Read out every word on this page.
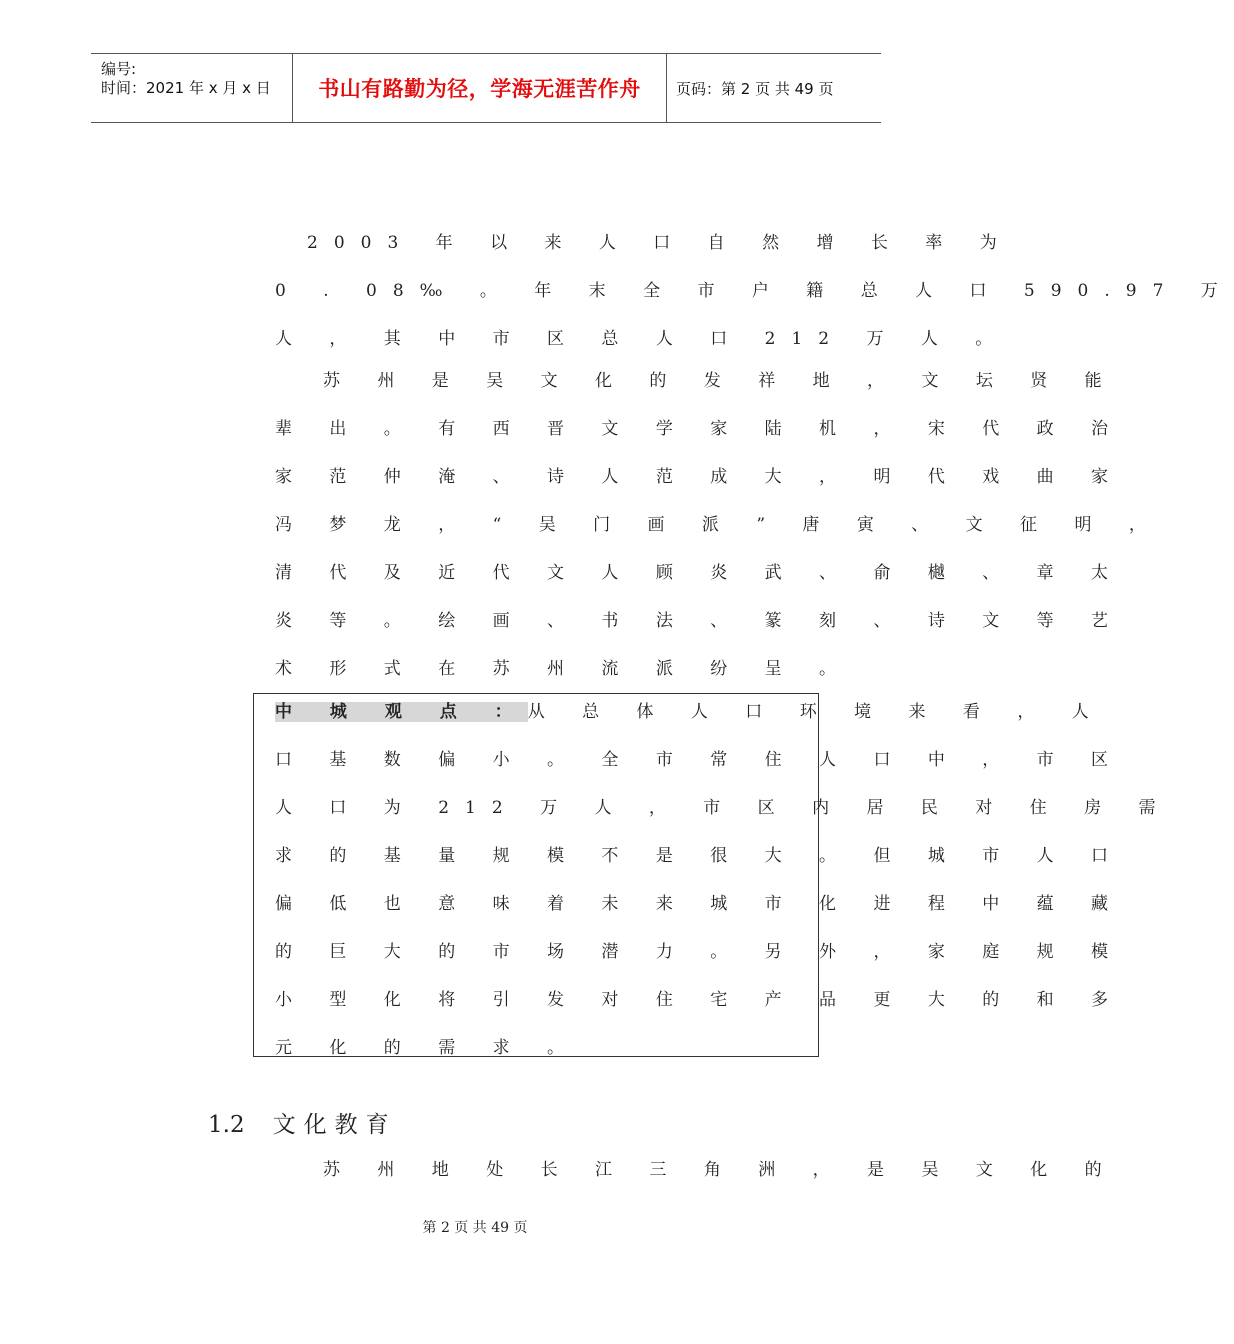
编号:
时间：2021 年 x 月 x 日 书山有路勤为径，学海无涯苦作舟 页码：第 2 页 共 49 页
2003 年 以 来 人 口 自 然 增 长 率 为
0 . 08‰ 。 年 末 全 市 户 籍 总 人 口 590.97 万
人 ， 其 中 市 区 总 人 口 212 万 人 。
苏 州 是 吴 文 化 的 发 祥 地 ， 文 坛 贤 能
辈 出 。 有 西 晋 文 学 家 陆 机 ， 宋 代 政 治
家 范 仲 淹 、 诗 人 范 成 大 ， 明 代 戏 曲 家
冯 梦 龙 ， “ 吴 门 画 派 ” 唐 寅 、 文 征 明 ，
清 代 及 近 代 文 人 顾 炎 武 、 俞 樾 、 章 太
炎 等 。 绘 画 、 书 法 、 篆 刻 、 诗 文 等 艺
术 形 式 在 苏 州 流 派 纷 呈 。
中 城 观 点 ：从 总 体 人 口 环 境 来 看 ， 人
口 基 数 偏 小 。 全 市 常 住 人 口 中 ， 市 区
人 口 为 212 万 人 ， 市 区 内 居 民 对 住 房 需
求 的 基 量 规 模 不 是 很 大 。 但 城 市 人 口
偏 低 也 意 味 着 未 来 城 市 化 进 程 中 蕴 藏
的 巨 大 的 市 场 潜 力 。 另 外 ， 家 庭 规 模
小 型 化 将 引 发 对 住 宅 产 品 更 大 的 和 多
元 化 的 需 求 。
1.2 文化教育
苏 州 地 处 长 江 三 角 洲 ， 是 吴 文 化 的
第 2 页 共 49 页
